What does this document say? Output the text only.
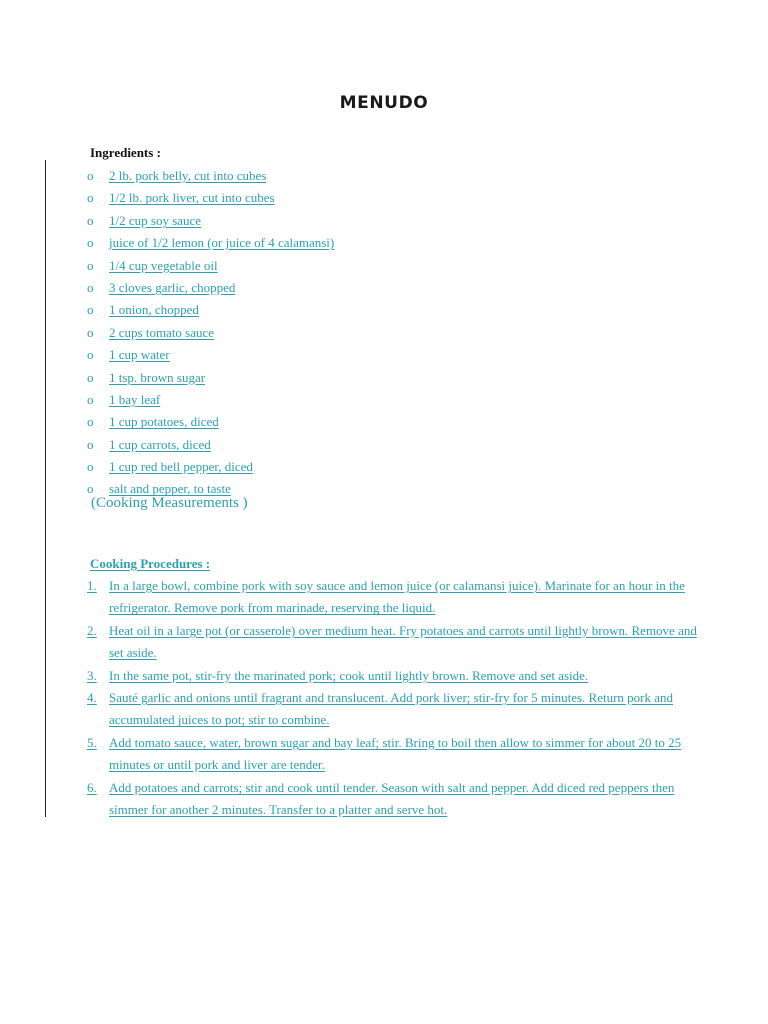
MENUDO
Ingredients :
o 2 lb. pork belly, cut into cubes
o 1/2 lb. pork liver, cut into cubes
o 1/2 cup soy sauce
o juice of 1/2 lemon (or juice of 4 calamansi)
o 1/4 cup vegetable oil
o 3 cloves garlic, chopped
o 1 onion, chopped
o 2 cups tomato sauce
o 1 cup water
o 1 tsp. brown sugar
o 1 bay leaf
o 1 cup potatoes, diced
o 1 cup carrots, diced
o 1 cup red bell pepper, diced
o salt and pepper, to taste
(Cooking Measurements )
Cooking Procedures :
1. In a large bowl, combine pork with soy sauce and lemon juice (or calamansi juice). Marinate for an hour in the refrigerator. Remove pork from marinade, reserving the liquid.
2. Heat oil in a large pot (or casserole) over medium heat. Fry potatoes and carrots until lightly brown. Remove and set aside.
3. In the same pot, stir-fry the marinated pork; cook until lightly brown. Remove and set aside.
4. Sauté garlic and onions until fragrant and translucent. Add pork liver; stir-fry for 5 minutes. Return pork and accumulated juices to pot; stir to combine.
5. Add tomato sauce, water, brown sugar and bay leaf; stir. Bring to boil then allow to simmer for about 20 to 25 minutes or until pork and liver are tender.
6. Add potatoes and carrots; stir and cook until tender. Season with salt and pepper. Add diced red peppers then simmer for another 2 minutes. Transfer to a platter and serve hot.
